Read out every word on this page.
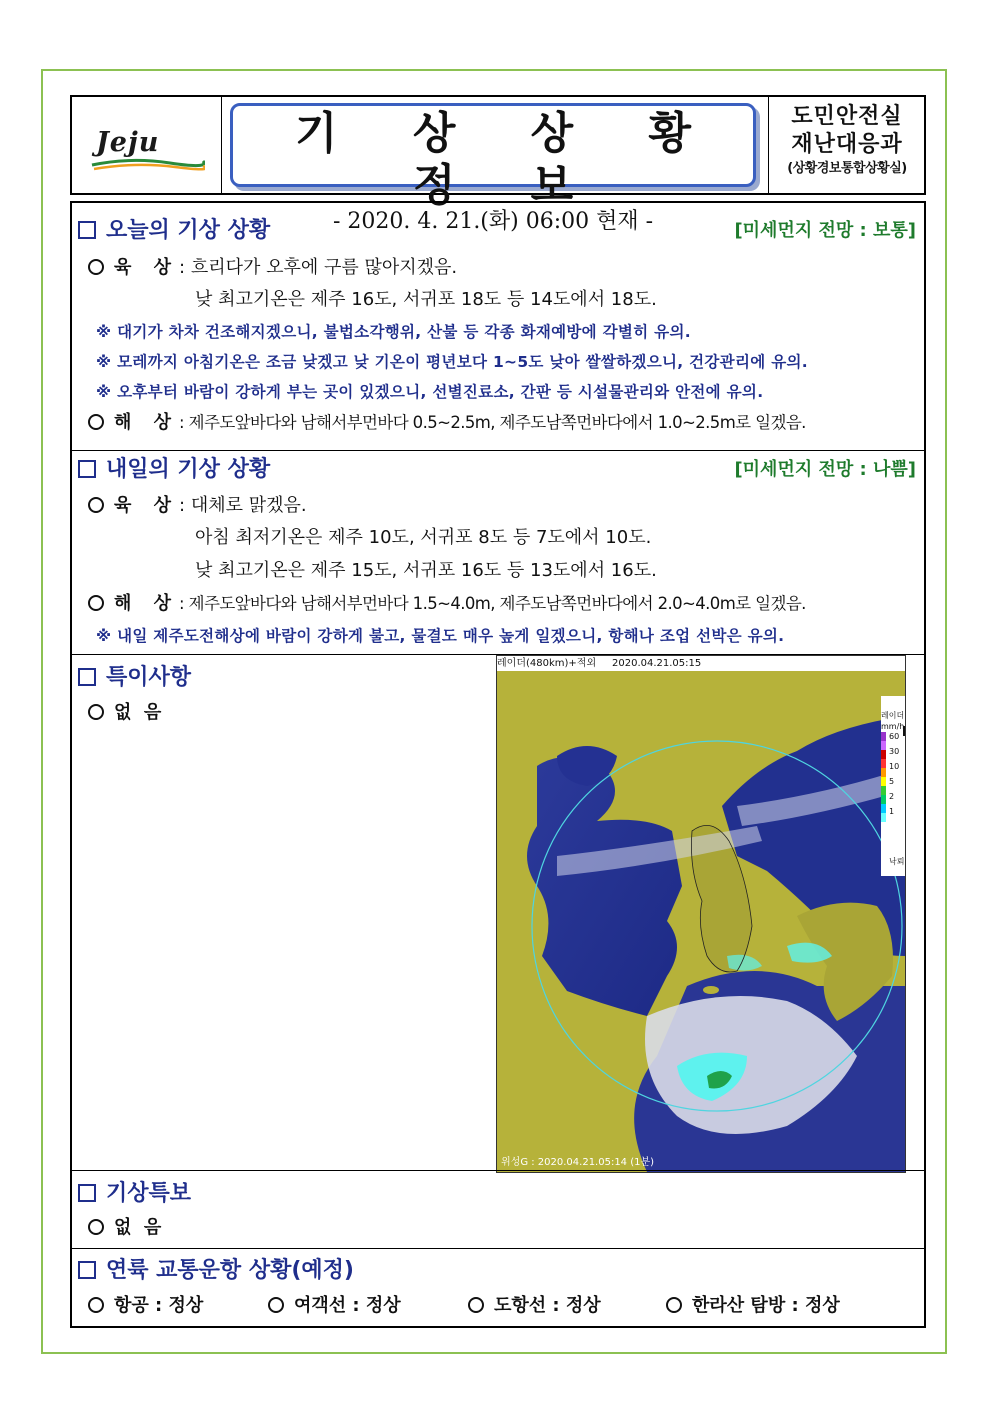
Jeju	기 상 상 황 정 보
- 2020. 4. 21.(화) 06:00 현재 -
도민안전실
재난대응과
(상황경보통합상황실)
오늘의 기상 상황	[미세먼지 전망 : 보통]
육 상: 흐리다가 오후에 구름 많아지겠음.
낮 최고기온은 제주 16도, 서귀포 18도 등 14도에서 18도.
※ 대기가 차차 건조해지겠으니, 불법소각행위, 산불 등 각종 화재예방에 각별히 유의.
※ 모레까지 아침기온은 조금 낮겠고 낮 기온이 평년보다 1~5도 낮아 쌀쌀하겠으니, 건강관리에 유의.
※ 오후부터 바람이 강하게 부는 곳이 있겠으니, 선별진료소, 간판 등 시설물관리와 안전에 유의.
해 상: 제주도앞바다와 남해서부먼바다 0.5~2.5m, 제주도남쪽먼바다에서 1.0~2.5m로 일겠음.
내일의 기상 상황	[미세먼지 전망 : 나쁨]
육 상: 대체로 맑겠음.
아침 최저기온은 제주 10도, 서귀포 8도 등 7도에서 10도.
낮 최고기온은 제주 15도, 서귀포 16도 등 13도에서 16도.
해 상: 제주도앞바다와 남해서부먼바다 1.5~4.0m, 제주도남쪽먼바다에서 2.0~4.0m로 일겠음.
※ 내일 제주도전해상에 바람이 강하게 불고, 물결도 매우 높게 일겠으니, 항해나 조업 선박은 유의.
특이사항
없  음
레이더(480km)+적외     2020.04.21.05:15
레이더
mm/h
60
30
10
5
2
1
낙뢰
위성G : 2020.04.21.05:14 (1분)
기상특보
없  음
연륙 교통운항 상황(예정)
항공 : 정상	여객선 : 정상	도항선 : 정상	한라산 탐방 : 정상
